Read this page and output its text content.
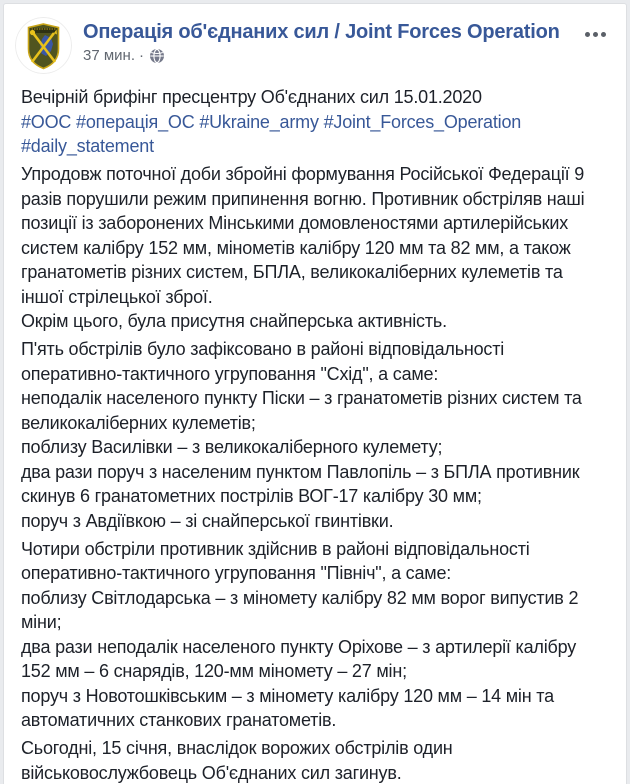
Операція об'єднаних сил / Joint Forces Operation
37 мин. ·

Вечірній брифінг пресцентру Об'єднаних сил 15.01.2020
#ООС #операція_ОС #Ukraine_army #Joint_Forces_Operation #daily_statement

Упродовж поточної доби збройні формування Російської Федерації 9 разів порушили режим припинення вогню. Противник обстріляв наші позиції із заборонених Мінськими домовленостями артилерійських систем калібру 152 мм, мінометів калібру 120 мм та 82 мм, а також гранатометів різних систем, БПЛА, великокаліберних кулеметів та іншої стрілецької зброї.
Окрім цього, була присутня снайперська активність.

П'ять обстрілів було зафіксовано в районі відповідальності оперативно-тактичного угруповання "Схід", а саме:
неподалік населеного пункту Піски – з гранатометів різних систем та великокаліберних кулеметів;
поблизу Василівки – з великокаліберного кулемету;
два рази поруч з населеним пунктом Павлопіль – з БПЛА противник скинув 6 гранатометних пострілів ВОГ-17 калібру 30 мм;
поруч з Авдіївкою – зі снайперської гвинтівки.

Чотири обстріли противник здійснив в районі відповідальності оперативно-тактичного угруповання "Північ", а саме:
поблизу Світлодарська – з міномету калібру 82 мм ворог випустив 2 міни;
два рази неподалік населеного пункту Оріхове – з артилерії калібру 152 мм – 6 снарядів, 120-мм міномету – 27 мін;
поруч з Новотошківським – з міномету калібру 120 мм – 14 мін та автоматичних станкових гранатометів.

Сьогодні, 15 січня, внаслідок ворожих обстрілів один військовослужбовець Об'єднаних сил загинув.
